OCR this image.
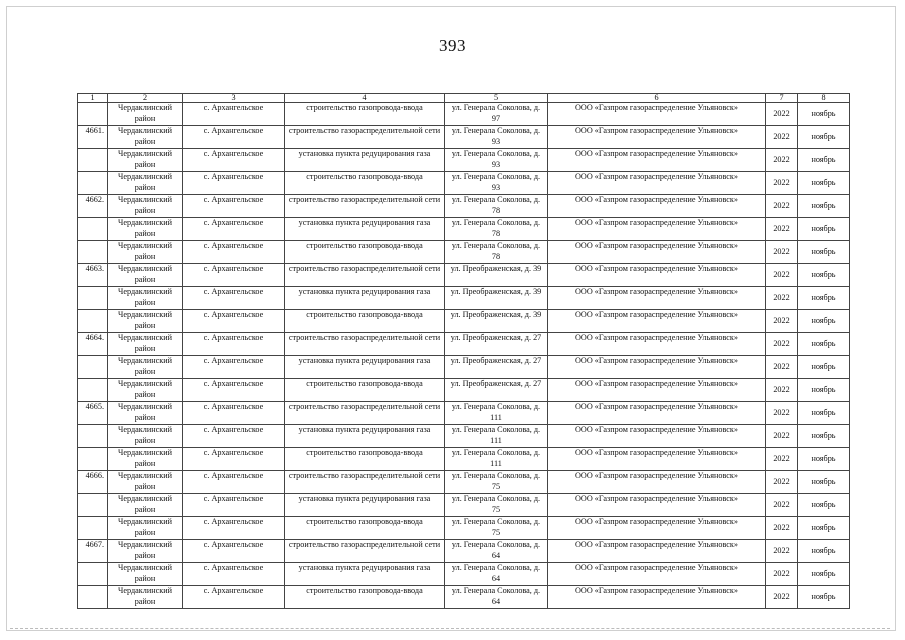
393
1	2	3	4	5	6	7	8
	Чердаклинский район	с. Архангельское	строительство газопровода-ввода	ул. Генерала Соколова, д. 97	ООО «Газпром газораспределение Ульяновск»	2022	ноябрь
4661.	Чердаклинский район	с. Архангельское	строительство газораспределительной сети	ул. Генерала Соколова, д. 93	ООО «Газпром газораспределение Ульяновск»	2022	ноябрь
	Чердаклинский район	с. Архангельское	установка пункта редуцирования газа	ул. Генерала Соколова, д. 93	ООО «Газпром газораспределение Ульяновск»	2022	ноябрь
	Чердаклинский район	с. Архангельское	строительство газопровода-ввода	ул. Генерала Соколова, д. 93	ООО «Газпром газораспределение Ульяновск»	2022	ноябрь
4662.	Чердаклинский район	с. Архангельское	строительство газораспределительной сети	ул. Генерала Соколова, д. 78	ООО «Газпром газораспределение Ульяновск»	2022	ноябрь
	Чердаклинский район	с. Архангельское	установка пункта редуцирования газа	ул. Генерала Соколова, д. 78	ООО «Газпром газораспределение Ульяновск»	2022	ноябрь
	Чердаклинский район	с. Архангельское	строительство газопровода-ввода	ул. Генерала Соколова, д. 78	ООО «Газпром газораспределение Ульяновск»	2022	ноябрь
4663.	Чердаклинский район	с. Архангельское	строительство газораспределительной сети	ул. Преображенская, д. 39	ООО «Газпром газораспределение Ульяновск»	2022	ноябрь
	Чердаклинский район	с. Архангельское	установка пункта редуцирования газа	ул. Преображенская, д. 39	ООО «Газпром газораспределение Ульяновск»	2022	ноябрь
	Чердаклинский район	с. Архангельское	строительство газопровода-ввода	ул. Преображенская, д. 39	ООО «Газпром газораспределение Ульяновск»	2022	ноябрь
4664.	Чердаклинский район	с. Архангельское	строительство газораспределительной сети	ул. Преображенская, д. 27	ООО «Газпром газораспределение Ульяновск»	2022	ноябрь
	Чердаклинский район	с. Архангельское	установка пункта редуцирования газа	ул. Преображенская, д. 27	ООО «Газпром газораспределение Ульяновск»	2022	ноябрь
	Чердаклинский район	с. Архангельское	строительство газопровода-ввода	ул. Преображенская, д. 27	ООО «Газпром газораспределение Ульяновск»	2022	ноябрь
4665.	Чердаклинский район	с. Архангельское	строительство газораспределительной сети	ул. Генерала Соколова, д. 111	ООО «Газпром газораспределение Ульяновск»	2022	ноябрь
	Чердаклинский район	с. Архангельское	установка пункта редуцирования газа	ул. Генерала Соколова, д. 111	ООО «Газпром газораспределение Ульяновск»	2022	ноябрь
	Чердаклинский район	с. Архангельское	строительство газопровода-ввода	ул. Генерала Соколова, д. 111	ООО «Газпром газораспределение Ульяновск»	2022	ноябрь
4666.	Чердаклинский район	с. Архангельское	строительство газораспределительной сети	ул. Генерала Соколова, д. 75	ООО «Газпром газораспределение Ульяновск»	2022	ноябрь
	Чердаклинский район	с. Архангельское	установка пункта редуцирования газа	ул. Генерала Соколова, д. 75	ООО «Газпром газораспределение Ульяновск»	2022	ноябрь
	Чердаклинский район	с. Архангельское	строительство газопровода-ввода	ул. Генерала Соколова, д. 75	ООО «Газпром газораспределение Ульяновск»	2022	ноябрь
4667.	Чердаклинский район	с. Архангельское	строительство газораспределительной сети	ул. Генерала Соколова, д. 64	ООО «Газпром газораспределение Ульяновск»	2022	ноябрь
	Чердаклинский район	с. Архангельское	установка пункта редуцирования газа	ул. Генерала Соколова, д. 64	ООО «Газпром газораспределение Ульяновск»	2022	ноябрь
	Чердаклинский район	с. Архангельское	строительство газопровода-ввода	ул. Генерала Соколова, д. 64	ООО «Газпром газораспределение Ульяновск»	2022	ноябрь
